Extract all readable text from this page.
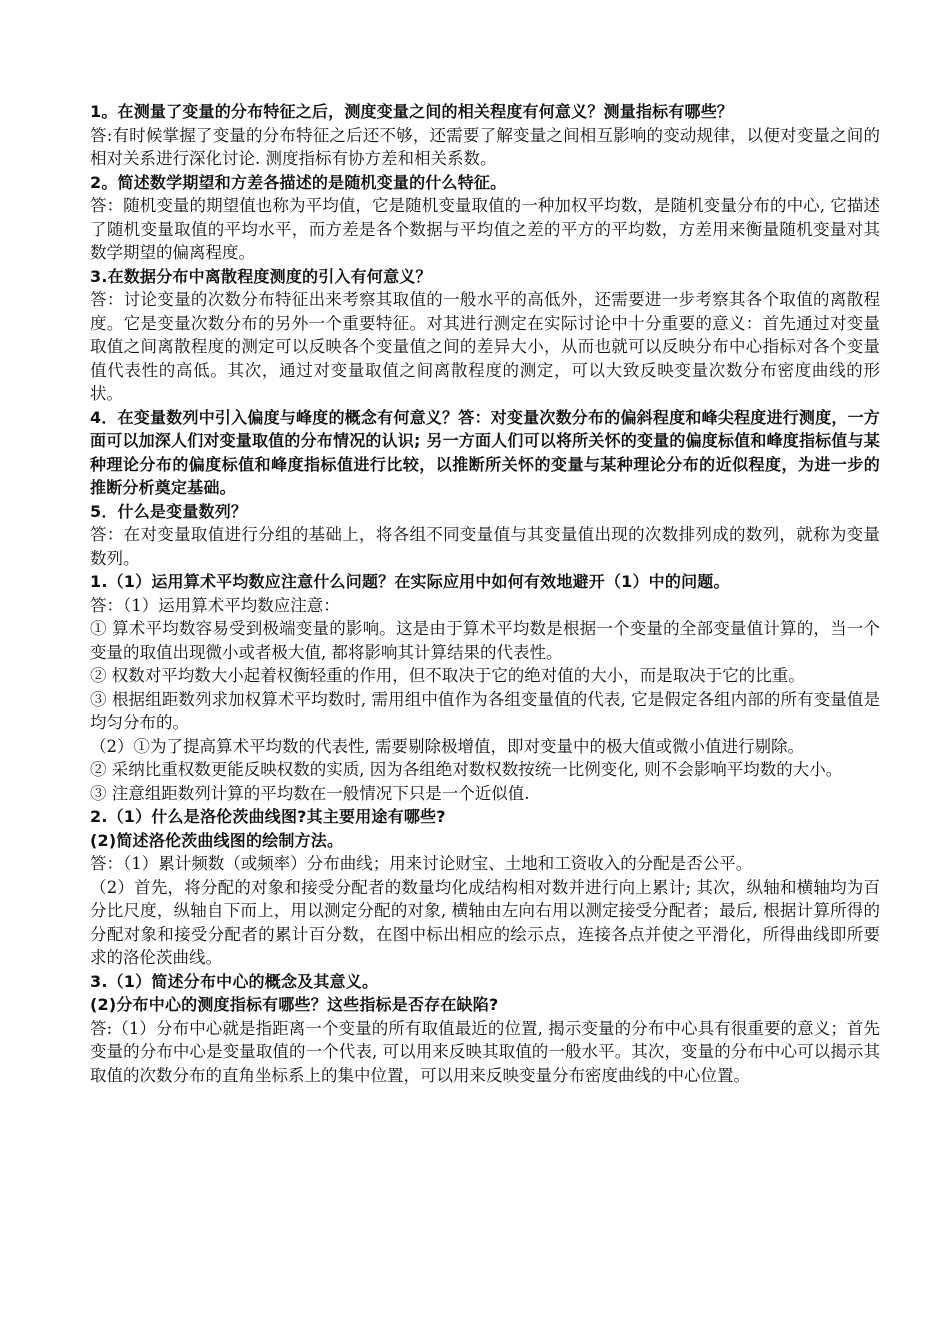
1。在测量了变量的分布特征之后，测度变量之间的相关程度有何意义？测量指标有哪些？

答:有时候掌握了变量的分布特征之后还不够，还需要了解变量之间相互影响的变动规律，以便对变量之间的相对关系进行深化讨论. 测度指标有协方差和相关系数。

2。简述数学期望和方差各描述的是随机变量的什么特征。

答：随机变量的期望值也称为平均值，它是随机变量取值的一种加权平均数，是随机变量分布的中心, 它描述了随机变量取值的平均水平，而方差是各个数据与平均值之差的平方的平均数，方差用来衡量随机变量对其数学期望的偏离程度。

3.在数据分布中离散程度测度的引入有何意义？

答：讨论变量的次数分布特征出来考察其取值的一般水平的高低外，还需要进一步考察其各个取值的离散程度。它是变量次数分布的另外一个重要特征。对其进行测定在实际讨论中十分重要的意义：首先通过对变量取值之间离散程度的测定可以反映各个变量值之间的差异大小，从而也就可以反映分布中心指标对各个变量值代表性的高低。其次，通过对变量取值之间离散程度的测定，可以大致反映变量次数分布密度曲线的形状。

4．在变量数列中引入偏度与峰度的概念有何意义？答：对变量次数分布的偏斜程度和峰尖程度进行测度，一方面可以加深人们对变量取值的分布情况的认识; 另一方面人们可以将所关怀的变量的偏度标值和峰度指标值与某种理论分布的偏度标值和峰度指标值进行比较，以推断所关怀的变量与某种理论分布的近似程度，为进一步的推断分析奠定基础。

5．什么是变量数列？

答：在对变量取值进行分组的基础上，将各组不同变量值与其变量值出现的次数排列成的数列，就称为变量数列。

1.（1）运用算术平均数应注意什么问题？在实际应用中如何有效地避开（1）中的问题。

答：（1）运用算术平均数应注意：

① 算术平均数容易受到极端变量的影响。这是由于算术平均数是根据一个变量的全部变量值计算的，当一个变量的取值出现微小或者极大值, 都将影响其计算结果的代表性。

② 权数对平均数大小起着权衡轻重的作用，但不取决于它的绝对值的大小，而是取决于它的比重。

③ 根据组距数列求加权算术平均数时, 需用组中值作为各组变量值的代表, 它是假定各组内部的所有变量值是均匀分布的。

（2）①为了提高算术平均数的代表性, 需要剔除极增值，即对变量中的极大值或微小值进行剔除。

② 采纳比重权数更能反映权数的实质, 因为各组绝对数权数按统一比例变化, 则不会影响平均数的大小。

③ 注意组距数列计算的平均数在一般情况下只是一个近似值.

2.（1）什么是洛伦茨曲线图?其主要用途有哪些?

(2)简述洛伦茨曲线图的绘制方法。

答：（1）累计频数（或频率）分布曲线；用来讨论财宝、土地和工资收入的分配是否公平。

（2）首先，将分配的对象和接受分配者的数量均化成结构相对数并进行向上累计; 其次，纵轴和横轴均为百分比尺度，纵轴自下而上，用以测定分配的对象, 横轴由左向右用以测定接受分配者；最后, 根据计算所得的分配对象和接受分配者的累计百分数，在图中标出相应的绘示点，连接各点并使之平滑化，所得曲线即所要求的洛伦茨曲线。

3.（1）简述分布中心的概念及其意义。

(2)分布中心的测度指标有哪些？这些指标是否存在缺陷?

答:（1）分布中心就是指距离一个变量的所有取值最近的位置, 揭示变量的分布中心具有很重要的意义；首先变量的分布中心是变量取值的一个代表, 可以用来反映其取值的一般水平。其次，变量的分布中心可以揭示其取值的次数分布的直角坐标系上的集中位置，可以用来反映变量分布密度曲线的中心位置。
